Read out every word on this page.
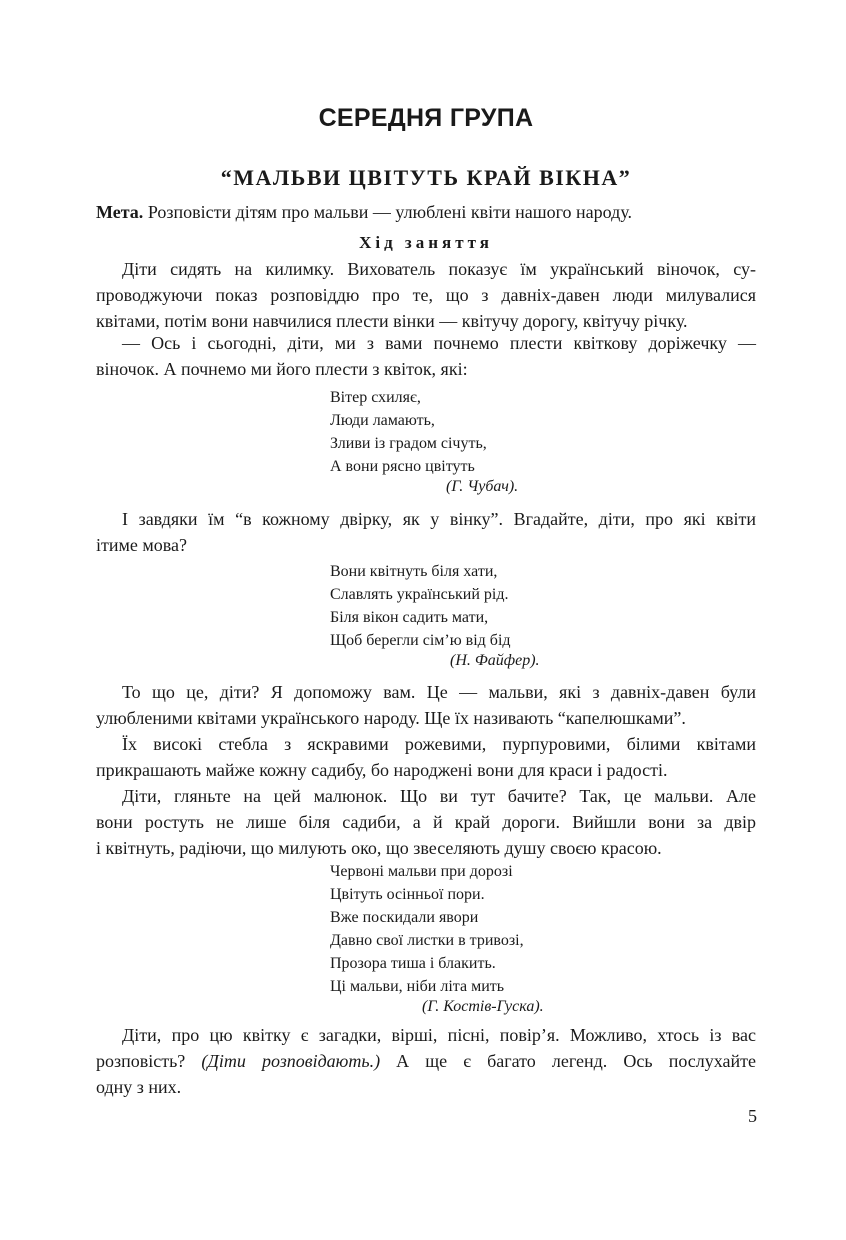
СЕРЕДНЯ ГРУПА
“МАЛЬВИ ЦВІТУТЬ КРАЙ ВІКНА”
Мета. Розповісти дітям про мальви — улюблені квіти нашого народу.
Хід заняття
Діти сидять на килимку. Вихователь показує їм український віночок, су-
проводжуючи показ розповіддю про те, що з давніх-давен люди милувалися
квітами, потім вони навчилися плести вінки — квітучу дорогу, квітучу річку.
— Ось і сьогодні, діти, ми з вами почнемо плести квіткову доріжечку —
віночок. А почнемо ми його плести з квіток, які:
Вітер схиляє,
Люди ламають,
Зливи із градом січуть,
А вони рясно цвітуть
(Г. Чубач).
І завдяки їм “в кожному двірку, як у вінку”. Вгадайте, діти, про які квіти
ітиме мова?
Вони квітнуть біля хати,
Славлять український рід.
Біля вікон садить мати,
Щоб берегли сім’ю від бід
(Н. Файфер).
То що це, діти? Я допоможу вам. Це — мальви, які з давніх-давен були
улюбленими квітами українського народу. Ще їх називають “капелюшками”.
Їх високі стебла з яскравими рожевими, пурпуровими, білими квітами
прикрашають майже кожну садибу, бо народжені вони для краси і радості.
Діти, гляньте на цей малюнок. Що ви тут бачите? Так, це мальви. Але
вони ростуть не лише біля садиби, а й край дороги. Вийшли вони за двір
і квітнуть, радіючи, що милують око, що звеселяють душу своєю красою.
Червоні мальви при дорозі
Цвітуть осінньої пори.
Вже поскидали явори
Давно свої листки в тривозі,
Прозора тиша і блакить.
Ці мальви, ніби літа мить
(Г. Костів-Гуска).
Діти, про цю квітку є загадки, вірші, пісні, повір’я. Можливо, хтось із вас
розповість? (Діти розповідають.) А ще є багато легенд. Ось послухайте
одну з них.
5
